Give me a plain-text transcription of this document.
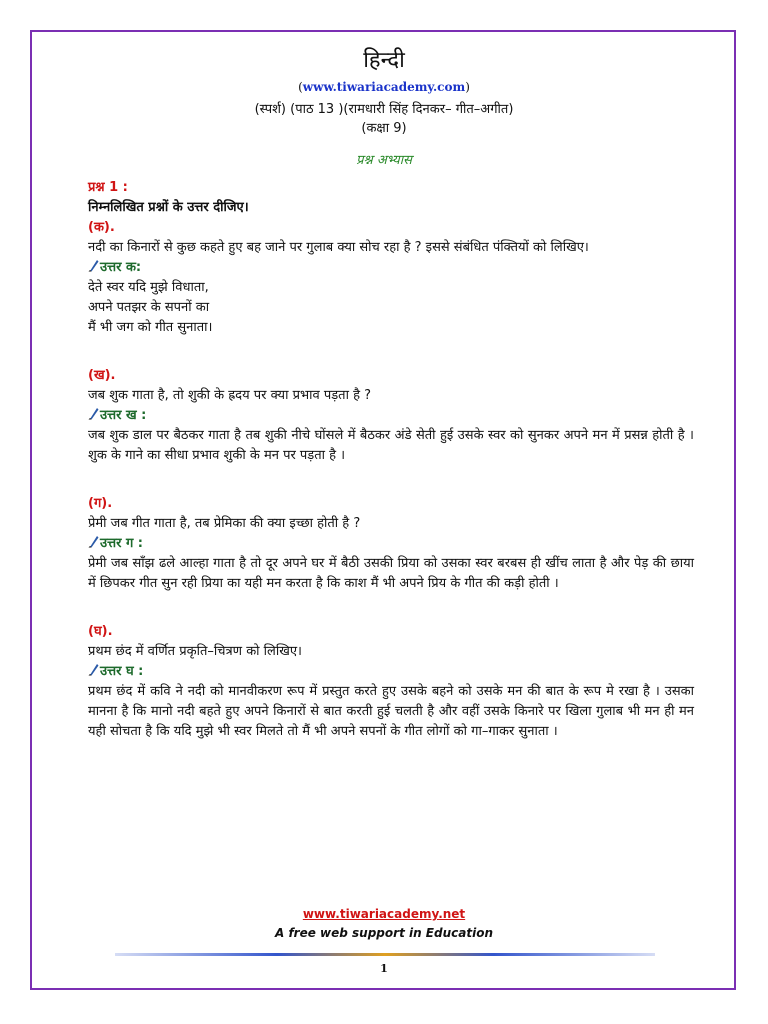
हिन्दी
(www.tiwariacademy.com)
(स्पर्श) (पाठ 13 )(रामधारी सिंह दिनकर– गीत–अगीत)
(कक्षा 9)
प्रश्न अभ्यास
प्रश्न 1 :
निम्नलिखित प्रश्नों के उत्तर दीजिए।
(क).
नदी का किनारों से कुछ कहते हुए बह जाने पर गुलाब क्या सोच रहा है ? इससे संबंधित पंक्तियों को लिखिए।
उत्तर क:
देते स्वर यदि मुझे विधाता,
अपने पतझर के सपनों का
मैं भी जग को गीत सुनाता।
(ख).
जब शुक गाता है, तो शुकी के ह्रदय पर क्या प्रभाव पड़ता है ?
उत्तर ख :
जब शुक डाल पर बैठकर गाता है तब शुकी नीचे घोंसले में बैठकर अंडे सेती हुई उसके स्वर को सुनकर अपने मन में प्रसन्न होती है । शुक के गाने का सीधा प्रभाव शुकी के मन पर पड़ता है ।
(ग).
प्रेमी जब गीत गाता है, तब प्रेमिका की क्या इच्छा होती है ?
उत्तर ग :
प्रेमी जब साँझ ढले आल्हा गाता है तो दूर अपने घर में बैठी उसकी प्रिया को उसका स्वर बरबस ही खींच लाता है और पेड़ की छाया में छिपकर गीत सुन रही प्रिया का यही मन करता है कि काश मैं भी अपने प्रिय के गीत की कड़ी होती ।
(घ).
प्रथम छंद में वर्णित प्रकृति–चित्रण को लिखिए।
उत्तर घ :
प्रथम छंद में कवि ने नदी को मानवीकरण रूप में प्रस्तुत करते हुए उसके बहने को उसके मन की बात के रूप मे रखा है । उसका मानना है कि मानो नदी बहते हुए अपने किनारों से बात करती हुई चलती है और वहीं उसके किनारे पर खिला गुलाब भी मन ही मन यही सोचता है कि यदि मुझे भी स्वर मिलते तो मैं भी अपने सपनों के गीत लोगों को गा–गाकर सुनाता ।
www.tiwariacademy.net
A free web support in Education
1
